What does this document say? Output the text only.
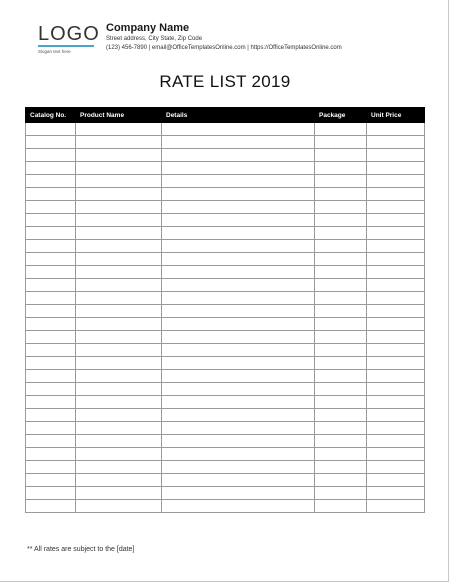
LOGO
Slogan text here
Company Name
Street address, City State, Zip Code
(123) 456-7890 | email@OfficeTemplatesOnline.com | https://OfficeTemplatesOnline.com
RATE LIST 2019
Catalog No.	Product Name	Details	Package	Unit Price

** All rates are subject to the [date]
